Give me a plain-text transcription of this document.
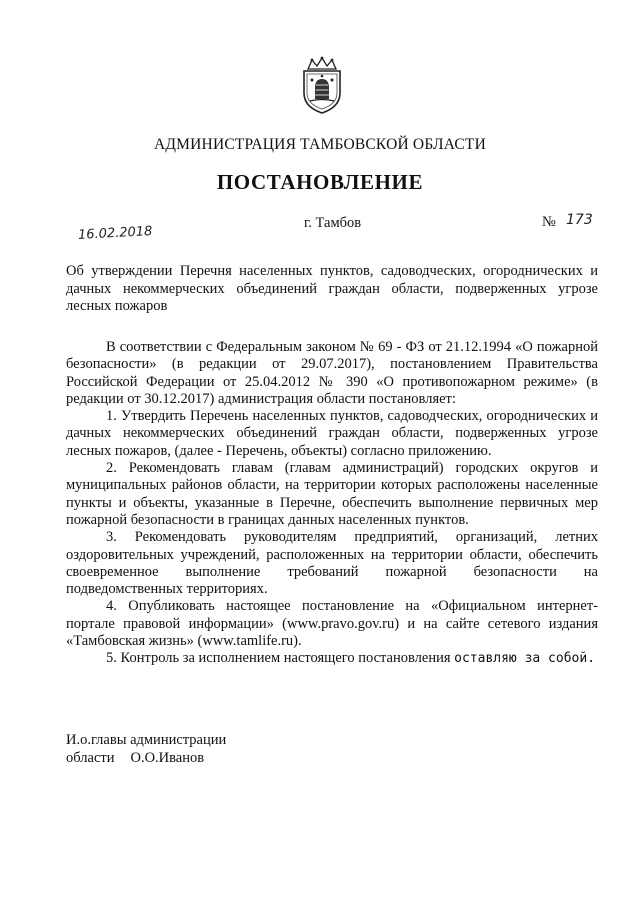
АДМИНИСТРАЦИЯ ТАМБОВСКОЙ ОБЛАСТИ
ПОСТАНОВЛЕНИЕ
16.02.2018
г. Тамбов	№ 173
Об утверждении Перечня населенных пунктов, садоводческих, огороднических и дачных некоммерческих объединений граждан области, подверженных угрозе лесных пожаров

В соответствии с Федеральным законом № 69 - ФЗ от 21.12.1994 «О пожарной безопасности» (в редакции от 29.07.2017), постановлением Правительства Российской Федерации от 25.04.2012 № 390 «О противопожарном режиме» (в редакции от 30.12.2017) администрация области постановляет:

1. Утвердить Перечень населенных пунктов, садоводческих, огороднических и дачных некоммерческих объединений граждан области, подверженных угрозе лесных пожаров, (далее - Перечень, объекты) согласно приложению.

2. Рекомендовать главам (главам администраций) городских округов и муниципальных районов области, на территории которых расположены населенные пункты и объекты, указанные в Перечне, обеспечить выполнение первичных мер пожарной безопасности в границах данных населенных пунктов.

3. Рекомендовать руководителям предприятий, организаций, летних оздоровительных учреждений, расположенных на территории области, обеспечить своевременное выполнение требований пожарной безопасности на подведомственных территориях.

4. Опубликовать настоящее постановление на «Официальном интернет-портале правовой информации» (www.pravo.gov.ru) и на сайте сетевого издания «Тамбовская жизнь» (www.tamlife.ru).

5. Контроль за исполнением настоящего постановления оставляю за собой.

И.о.главы администрации
области О.О.Иванов
